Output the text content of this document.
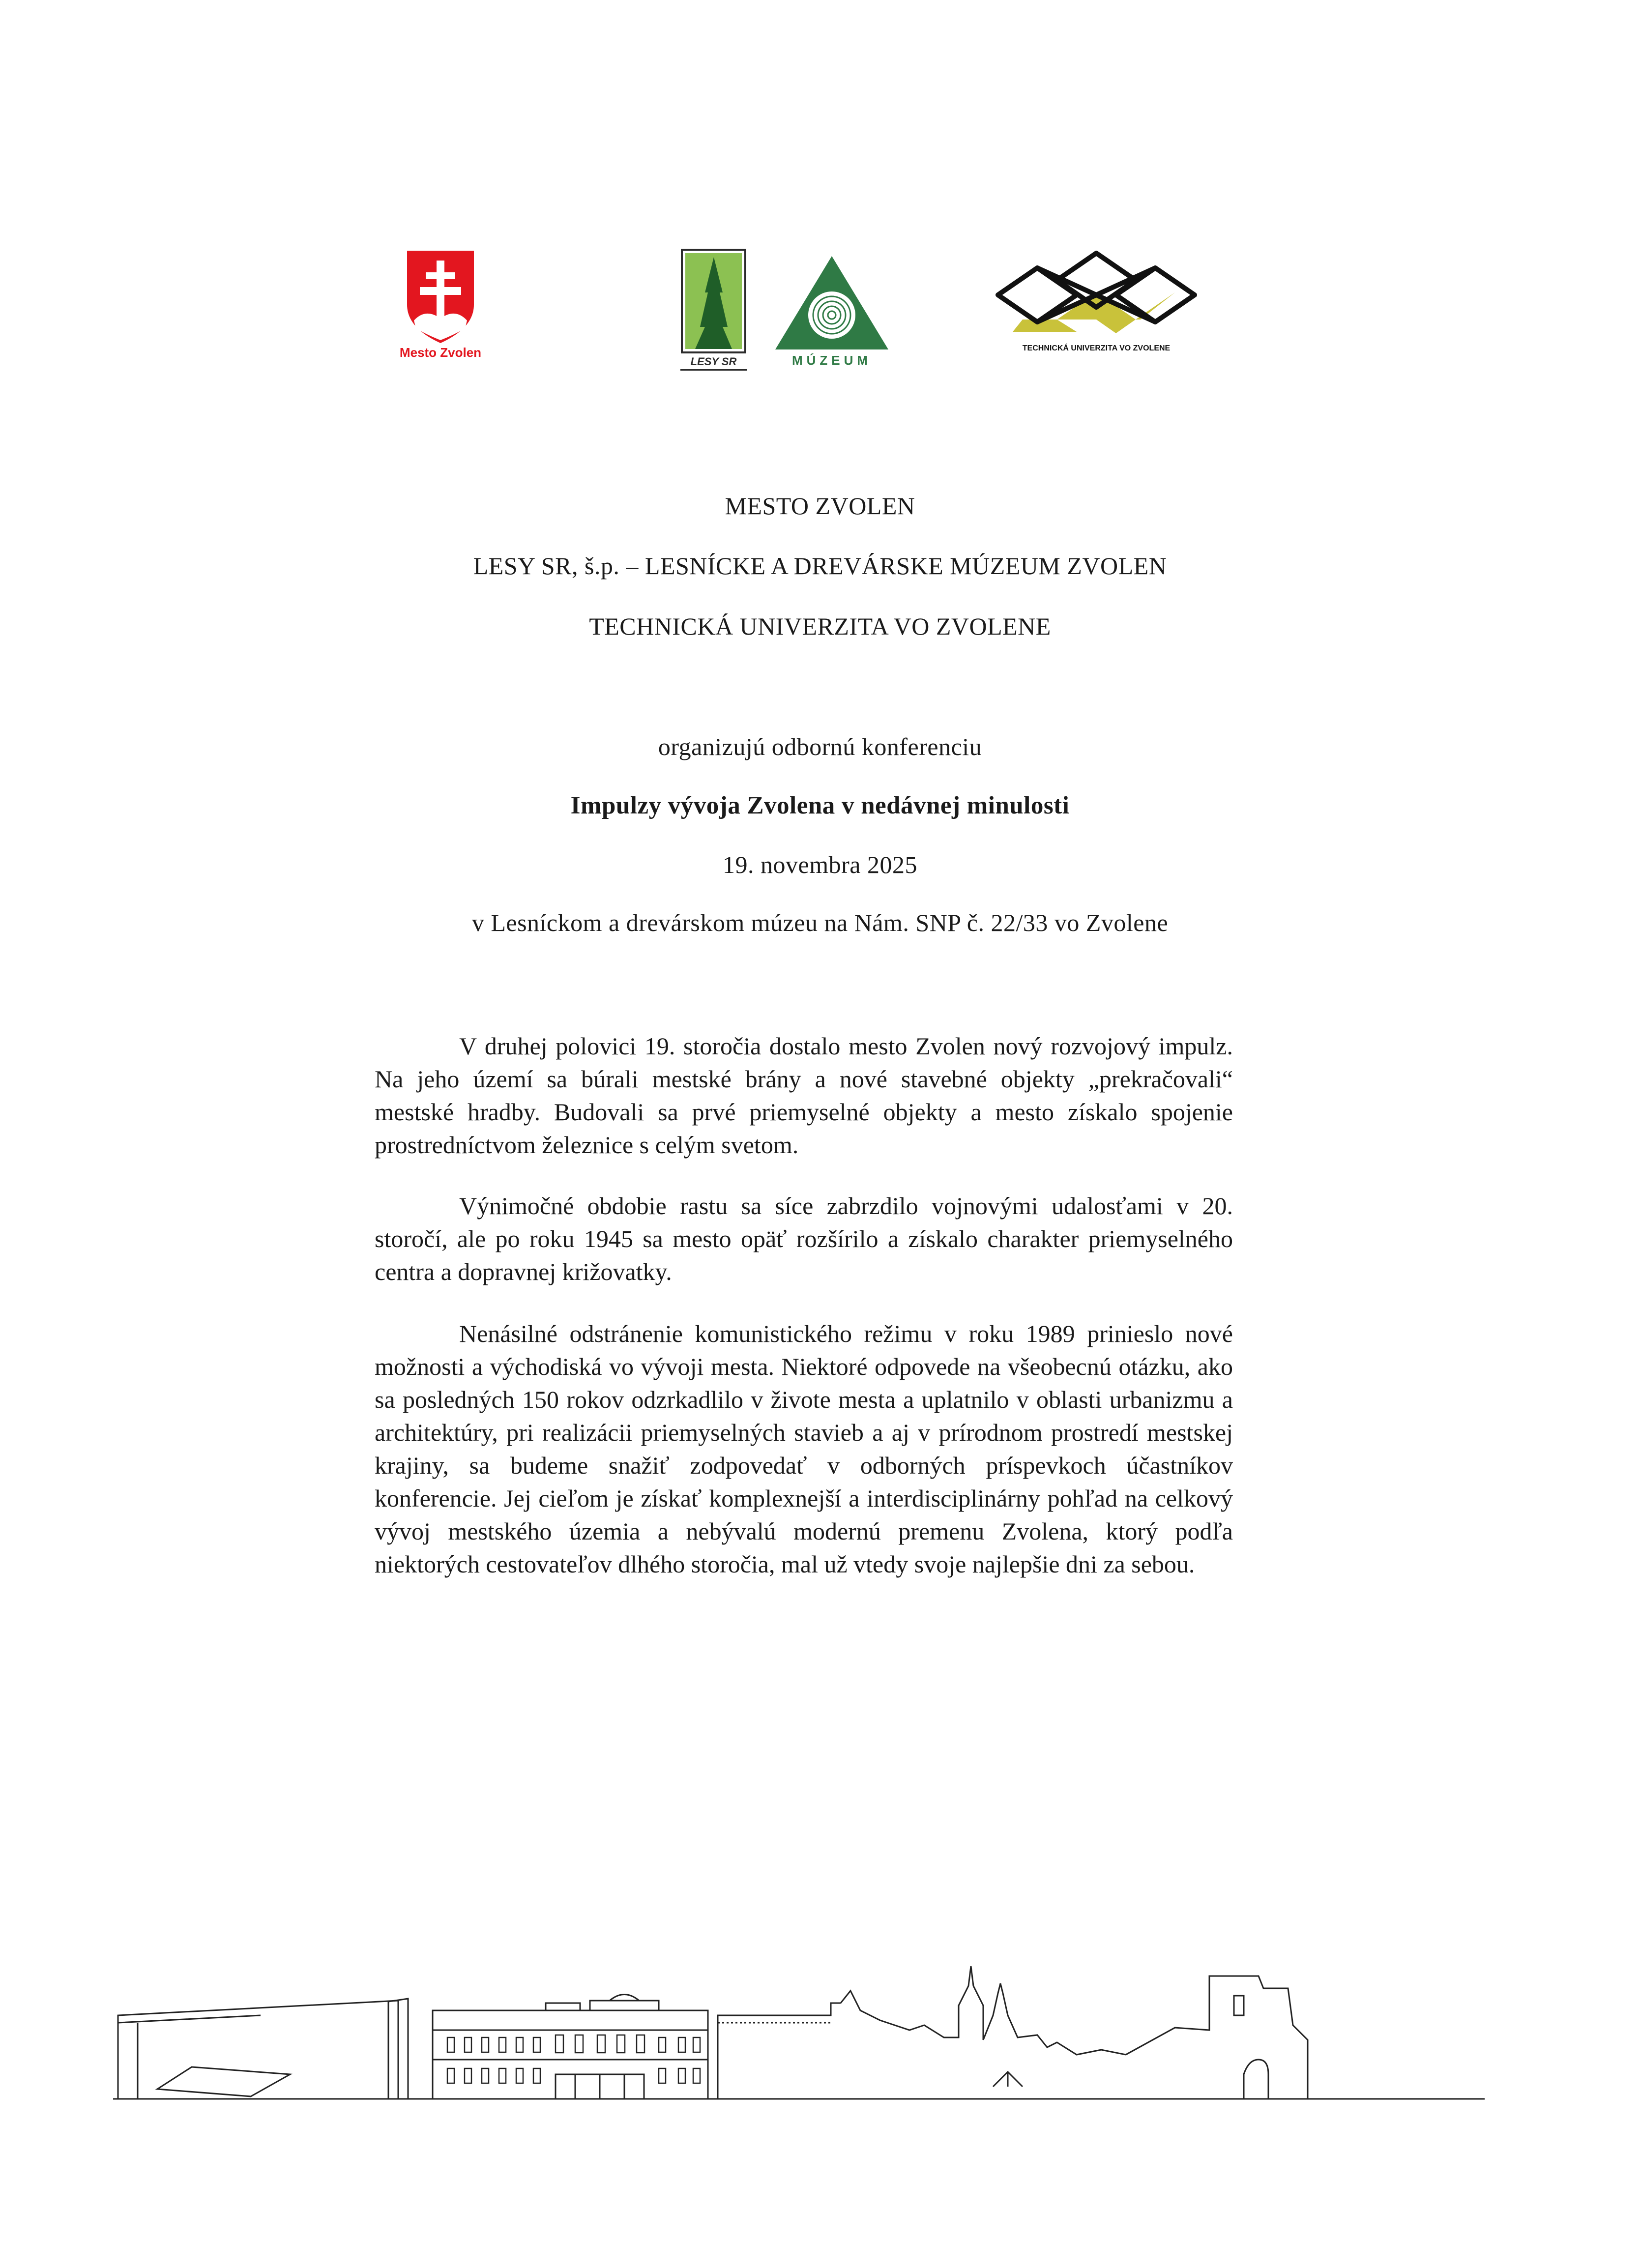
Mesto Zvolen
LESY SR	MÚZEUM
TECHNICKÁ UNIVERZITA VO ZVOLENE
MESTO ZVOLEN
LESY SR, š.p. – LESNÍCKE A DREVÁRSKE MÚZEUM ZVOLEN
TECHNICKÁ UNIVERZITA VO ZVOLENE
organizujú odbornú konferenciu
Impulzy vývoja Zvolena v nedávnej minulosti
19. novembra 2025
v Lesníckom a drevárskom múzeu na Nám. SNP č. 22/33 vo Zvolene

V druhej polovici 19. storočia dostalo mesto Zvolen nový rozvojový impulz. Na jeho území sa búrali mestské brány a nové stavebné objekty „prekračovali“ mestské hradby. Budovali sa prvé priemyselné objekty a mesto získalo spojenie prostredníctvom železnice s celým svetom.

Výnimočné obdobie rastu sa síce zabrzdilo vojnovými udalosťami v 20. storočí, ale po roku 1945 sa mesto opäť rozšírilo a získalo charakter priemyselného centra a dopravnej križovatky.

Nenásilné odstránenie komunistického režimu v roku 1989 prinieslo nové možnosti a východiská vo vývoji mesta. Niektoré odpovede na všeobecnú otázku, ako sa posledných 150 rokov odzrkadlilo v živote mesta a uplatnilo v oblasti urbanizmu a architektúry, pri realizácii priemyselných stavieb a aj v prírodnom prostredí mestskej krajiny, sa budeme snažiť zodpovedať v odborných príspevkoch účastníkov konferencie. Jej cieľom je získať komplexnejší a interdisciplinárny pohľad na celkový vývoj mestského územia a nebývalú modernú premenu Zvolena, ktorý podľa niektorých cestovateľov dlhého storočia, mal už vtedy svoje najlepšie dni za sebou.
